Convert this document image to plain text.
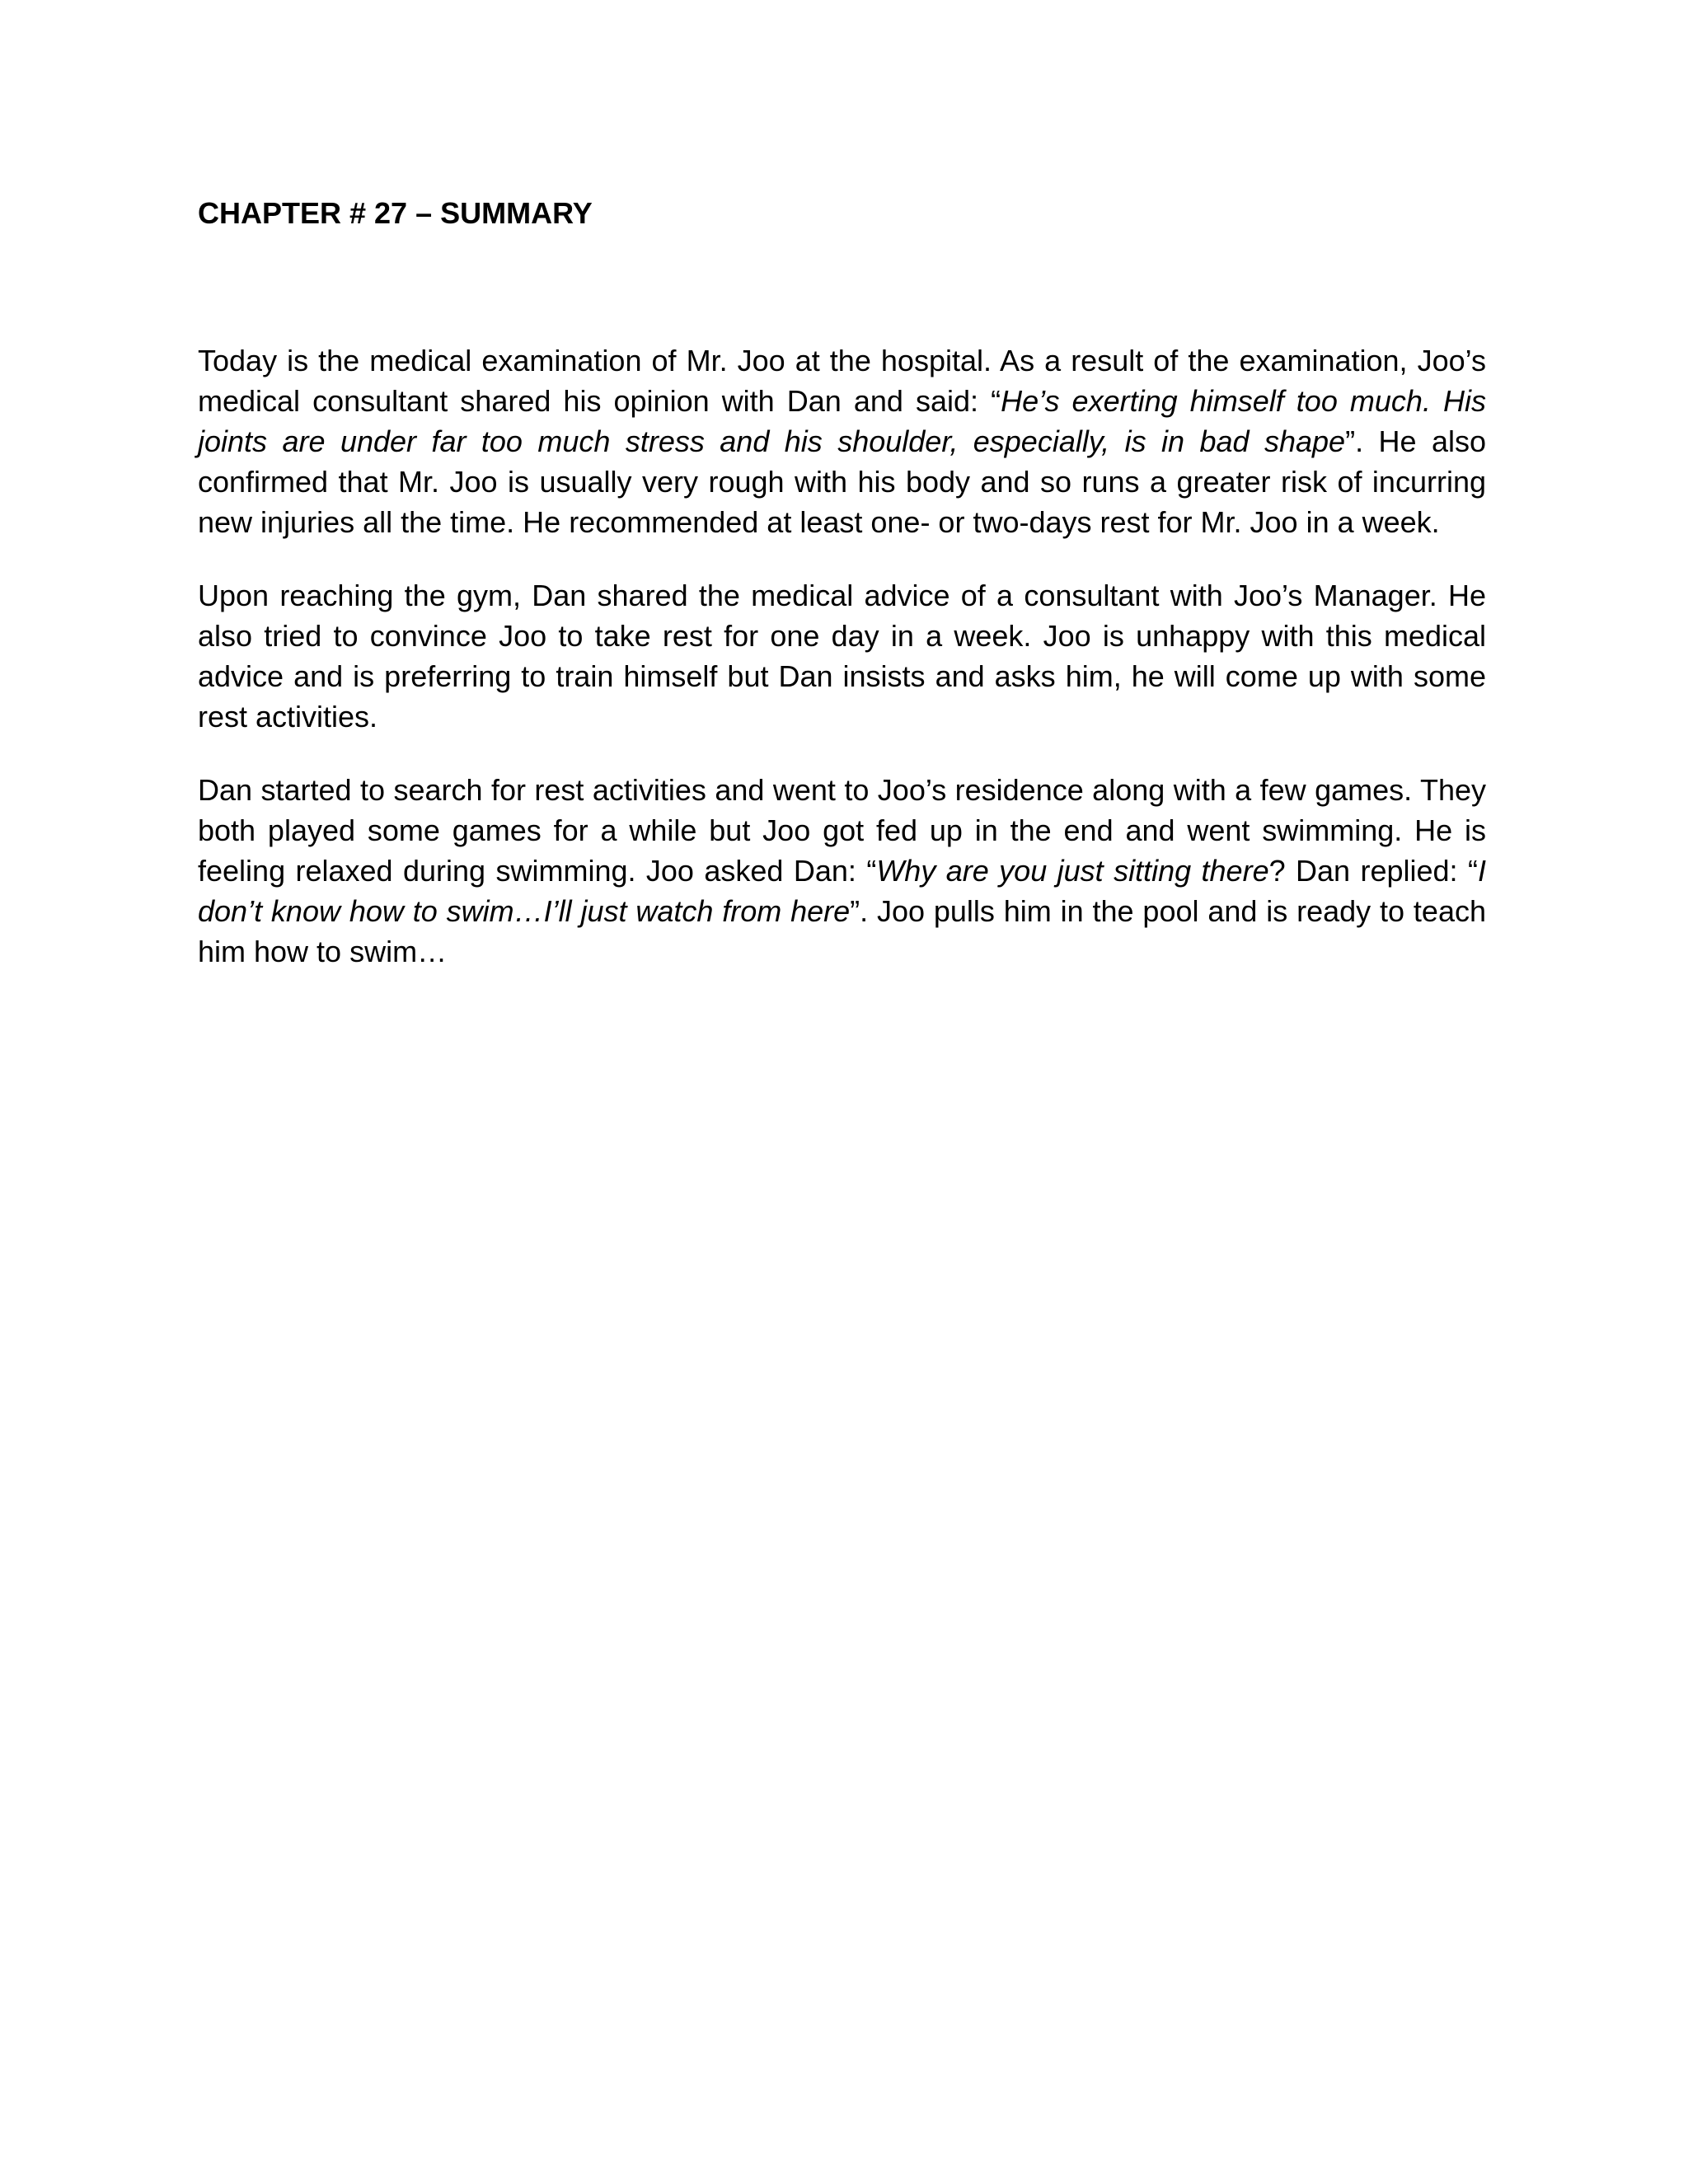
CHAPTER # 27 – SUMMARY

Today is the medical examination of Mr. Joo at the hospital. As a result of the examination, Joo’s medical consultant shared his opinion with Dan and said: “He’s exerting himself too much. His joints are under far too much stress and his shoulder, especially, is in bad shape”. He also confirmed that Mr. Joo is usually very rough with his body and so runs a greater risk of incurring new injuries all the time. He recommended at least one- or two-days rest for Mr. Joo in a week.

Upon reaching the gym, Dan shared the medical advice of a consultant with Joo’s Manager. He also tried to convince Joo to take rest for one day in a week. Joo is unhappy with this medical advice and is preferring to train himself but Dan insists and asks him, he will come up with some rest activities.

Dan started to search for rest activities and went to Joo’s residence along with a few games. They both played some games for a while but Joo got fed up in the end and went swimming. He is feeling relaxed during swimming. Joo asked Dan: “Why are you just sitting there? Dan replied: “I don’t know how to swim…I’ll just watch from here”. Joo pulls him in the pool and is ready to teach him how to swim…
